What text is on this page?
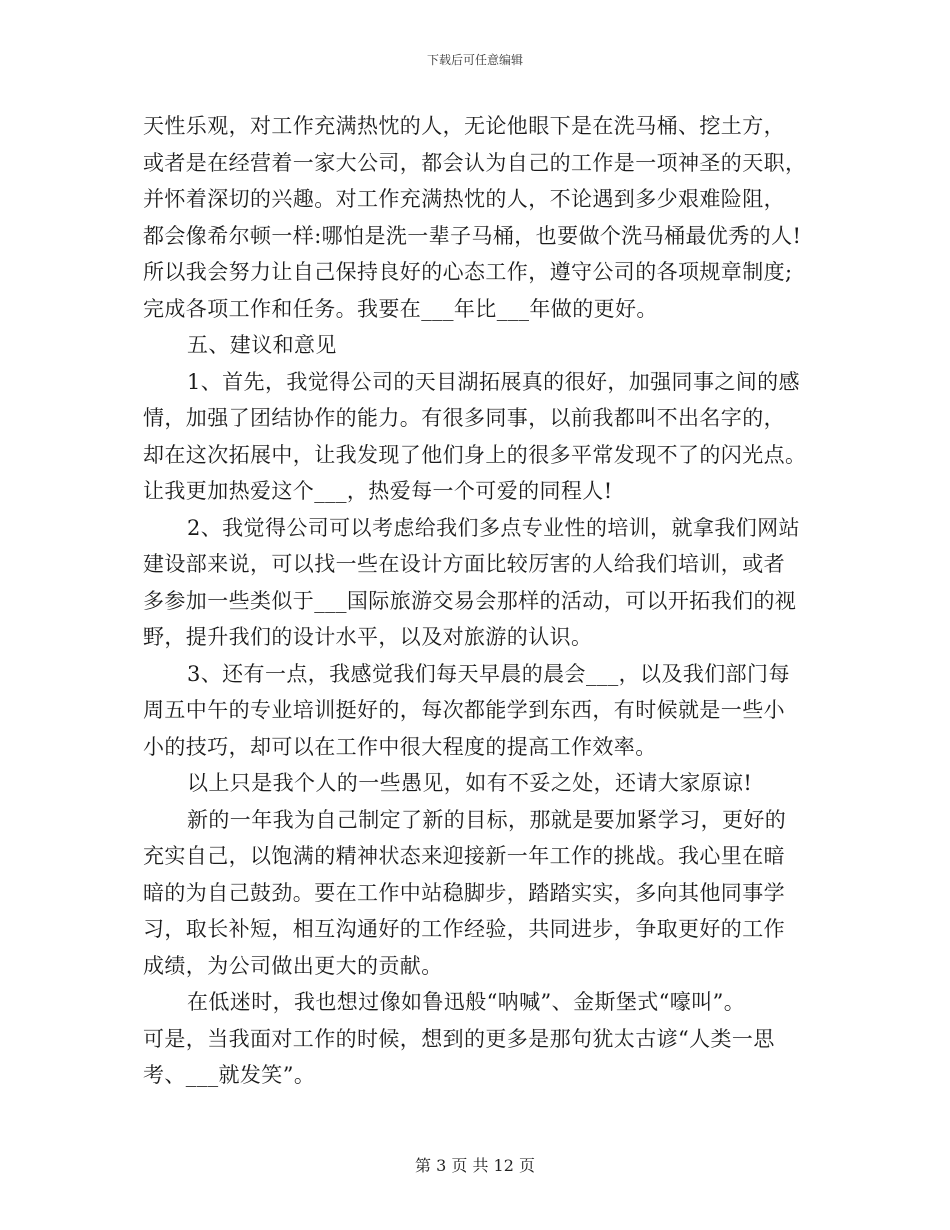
下载后可任意编辑
天性乐观，对工作充满热忱的人，无论他眼下是在洗马桶、挖土方，
或者是在经营着一家大公司，都会认为自己的工作是一项神圣的天职，
并怀着深切的兴趣。对工作充满热忱的人，不论遇到多少艰难险阻，
都会像希尔顿一样:哪怕是洗一辈子马桶，也要做个洗马桶最优秀的人!
所以我会努力让自己保持良好的心态工作，遵守公司的各项规章制度;
完成各项工作和任务。我要在___年比___年做的更好。
五、建议和意见
1、首先，我觉得公司的天目湖拓展真的很好，加强同事之间的感
情，加强了团结协作的能力。有很多同事，以前我都叫不出名字的，
却在这次拓展中，让我发现了他们身上的很多平常发现不了的闪光点。
让我更加热爱这个___，热爱每一个可爱的同程人!
2、我觉得公司可以考虑给我们多点专业性的培训，就拿我们网站
建设部来说，可以找一些在设计方面比较厉害的人给我们培训，或者
多参加一些类似于___国际旅游交易会那样的活动，可以开拓我们的视
野，提升我们的设计水平，以及对旅游的认识。
3、还有一点，我感觉我们每天早晨的晨会___，以及我们部门每
周五中午的专业培训挺好的，每次都能学到东西，有时候就是一些小
小的技巧，却可以在工作中很大程度的提高工作效率。
以上只是我个人的一些愚见，如有不妥之处，还请大家原谅!
新的一年我为自己制定了新的目标，那就是要加紧学习，更好的
充实自己，以饱满的精神状态来迎接新一年工作的挑战。我心里在暗
暗的为自己鼓劲。要在工作中站稳脚步，踏踏实实，多向其他同事学
习，取长补短，相互沟通好的工作经验，共同进步，争取更好的工作
成绩，为公司做出更大的贡献。
在低迷时，我也想过像如鲁迅般“呐喊”、金斯堡式“嚎叫”。
可是，当我面对工作的时候，想到的更多是那句犹太古谚“人类一思
考、___就发笑”。
第 3 页 共 12 页
